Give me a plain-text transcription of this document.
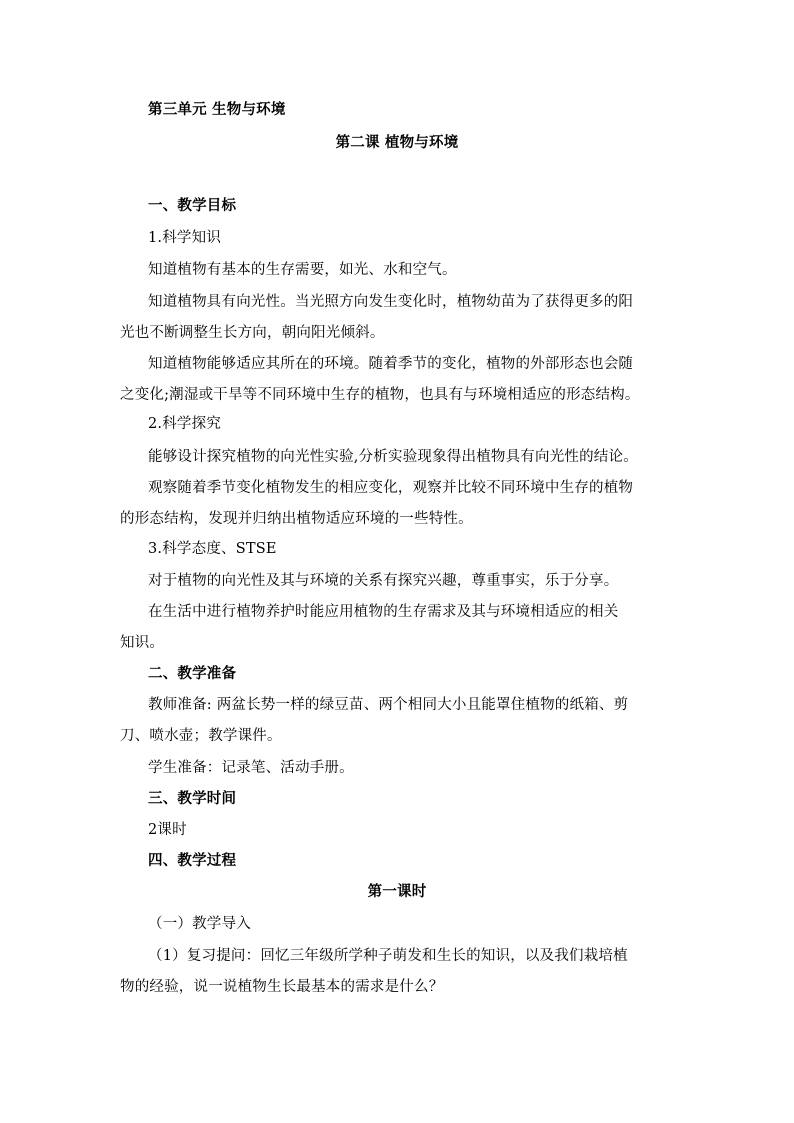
第三单元 生物与环境
第二课 植物与环境
一、教学目标
1.科学知识
知道植物有基本的生存需要，如光、水和空气。
知道植物具有向光性。当光照方向发生变化时，植物幼苗为了获得更多的阳
光也不断调整生长方向，朝向阳光倾斜。
知道植物能够适应其所在的环境。随着季节的变化，植物的外部形态也会随
之变化;潮湿或干旱等不同环境中生存的植物，也具有与环境相适应的形态结构。
2.科学探究
能够设计探究植物的向光性实验,分析实验现象得出植物具有向光性的结论。
观察随着季节变化植物发生的相应变化，观察并比较不同环境中生存的植物
的形态结构，发现并归纳出植物适应环境的一些特性。
3.科学态度、STSE
对于植物的向光性及其与环境的关系有探究兴趣，尊重事实，乐于分享。
在生活中进行植物养护时能应用植物的生存需求及其与环境相适应的相关
知识。
二、教学准备
教师准备: 两盆长势一样的绿豆苗、两个相同大小且能罩住植物的纸箱、剪
刀、喷水壶；教学课件。
学生准备：记录笔、活动手册。
三、教学时间
2课时
四、教学过程
第一课时
（一）教学导入
（1）复习提问：回忆三年级所学种子萌发和生长的知识，以及我们栽培植
物的经验，说一说植物生长最基本的需求是什么？
